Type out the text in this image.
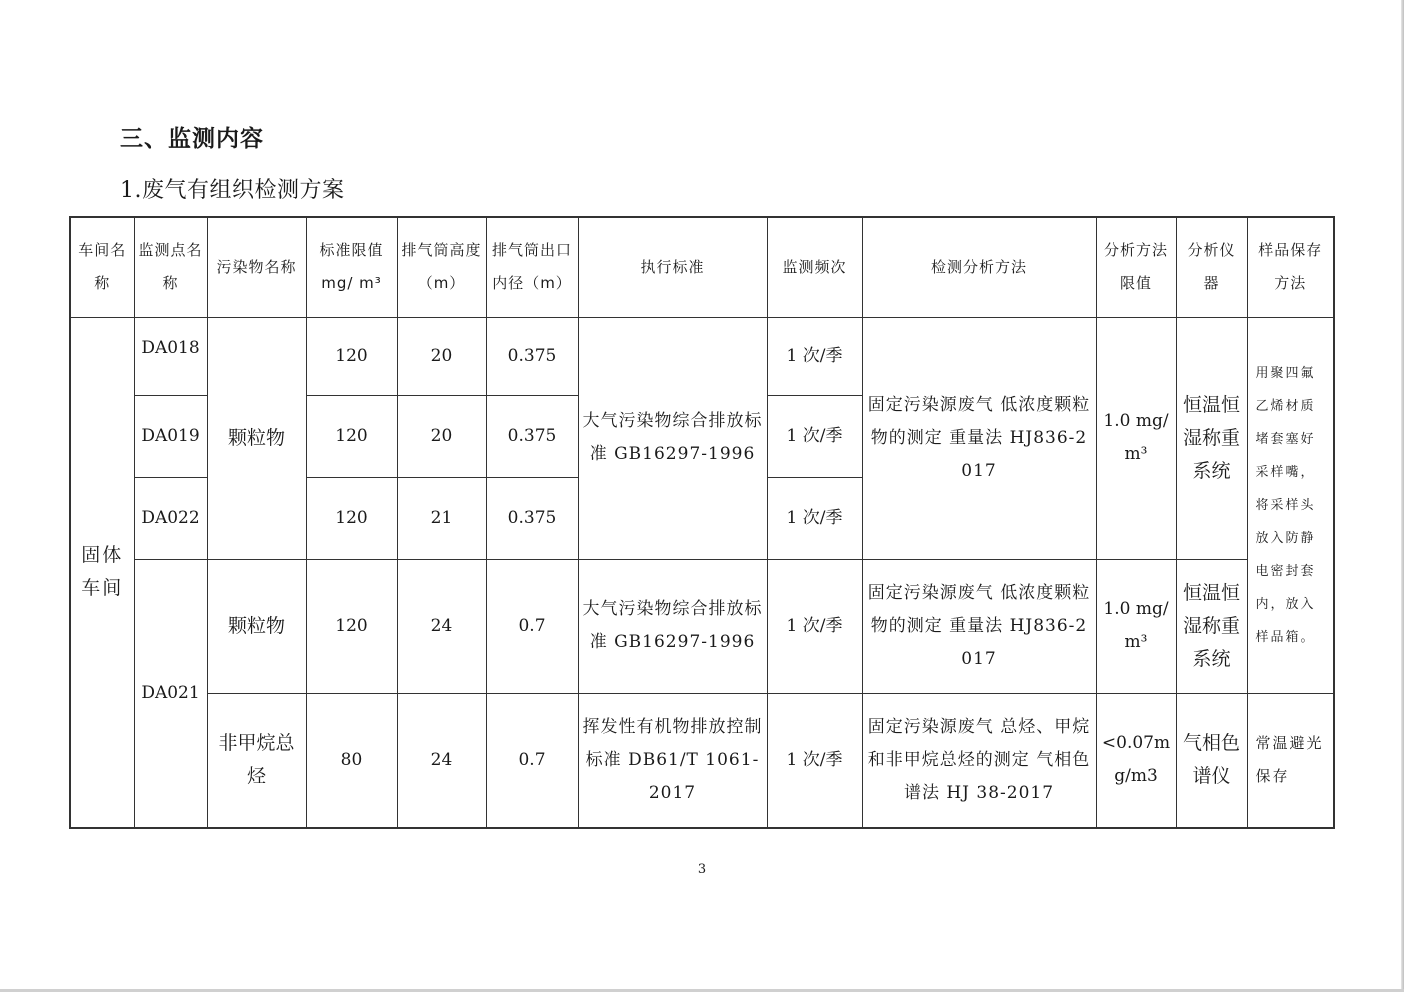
三、监测内容
1.废气有组织检测方案
车间名称	监测点名称	污染物名称	标准限值 mg/ m³	排气筒高度（m）	排气筒出口内径（m）	执行标准	监测频次	检测分析方法	分析方法限值	分析仪器	样品保存方法
固体车间	DA018	颗粒物	120	20	0.375	大气污染物综合排放标准 GB16297-1996	1 次/季	固定污染源废气 低浓度颗粒物的测定 重量法 HJ836-2017	1.0 mg/m³	恒温恒湿称重系统	用聚四氟乙烯材质堵套塞好采样嘴，将采样头放入防静电密封套内，放入样品箱。
	DA019		120	20	0.375		1 次/季				
	DA022		120	21	0.375		1 次/季				
	DA021	颗粒物	120	24	0.7	大气污染物综合排放标准 GB16297-1996	1 次/季	固定污染源废气 低浓度颗粒物的测定 重量法 HJ836-2017	1.0 mg/m³	恒温恒湿称重系统	
		非甲烷总烃	80	24	0.7	挥发性有机物排放控制标准 DB61/T 1061-2017	1 次/季	固定污染源废气 总烃、甲烷和非甲烷总烃的测定 气相色谱法 HJ 38-2017	<0.07mg/m3	气相色谱仪	常温避光保存
3
